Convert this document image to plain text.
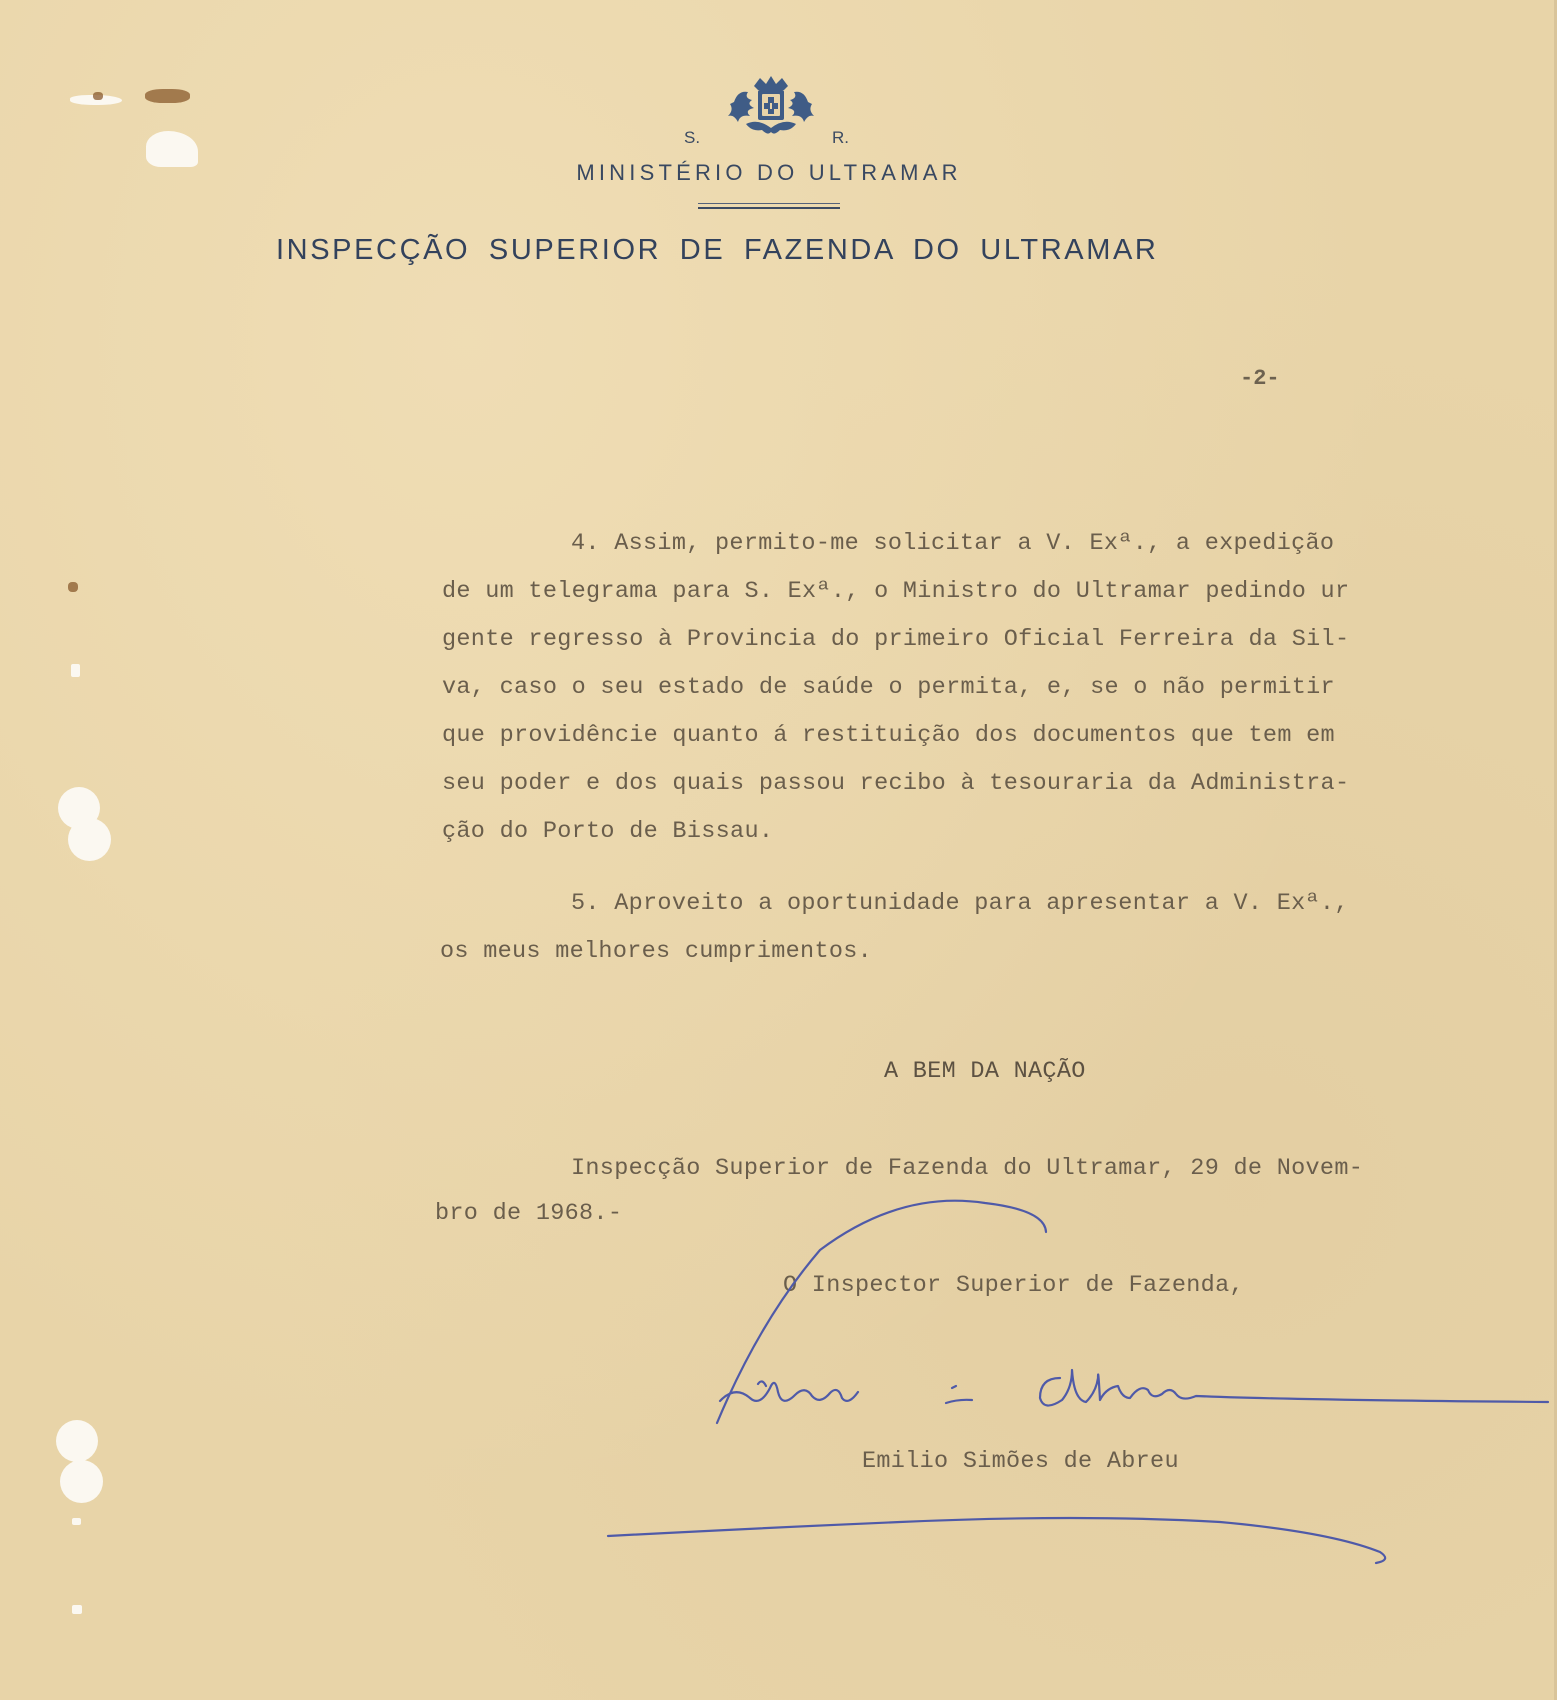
S.	R.
MINISTÉRIO DO ULTRAMAR
INSPECÇÃO SUPERIOR DE FAZENDA DO ULTRAMAR
-2-
4. Assim, permito-me solicitar a V. Exª., a expedição
de um telegrama para S. Exª., o Ministro do Ultramar pedindo ur
gente regresso à Provincia do primeiro Oficial Ferreira da Sil-
va, caso o seu estado de saúde o permita, e, se o não permitir
que providêncie quanto á restituição dos documentos que tem em
seu poder e dos quais passou recibo à tesouraria da Administra-
ção do Porto de Bissau.
5. Aproveito a oportunidade para apresentar a V. Exª.,
os meus melhores cumprimentos.
A BEM DA NAÇÃO
Inspecção Superior de Fazenda do Ultramar, 29 de Novem-
bro de 1968.-
O Inspector Superior de Fazenda,
Emilio Simões de Abreu
